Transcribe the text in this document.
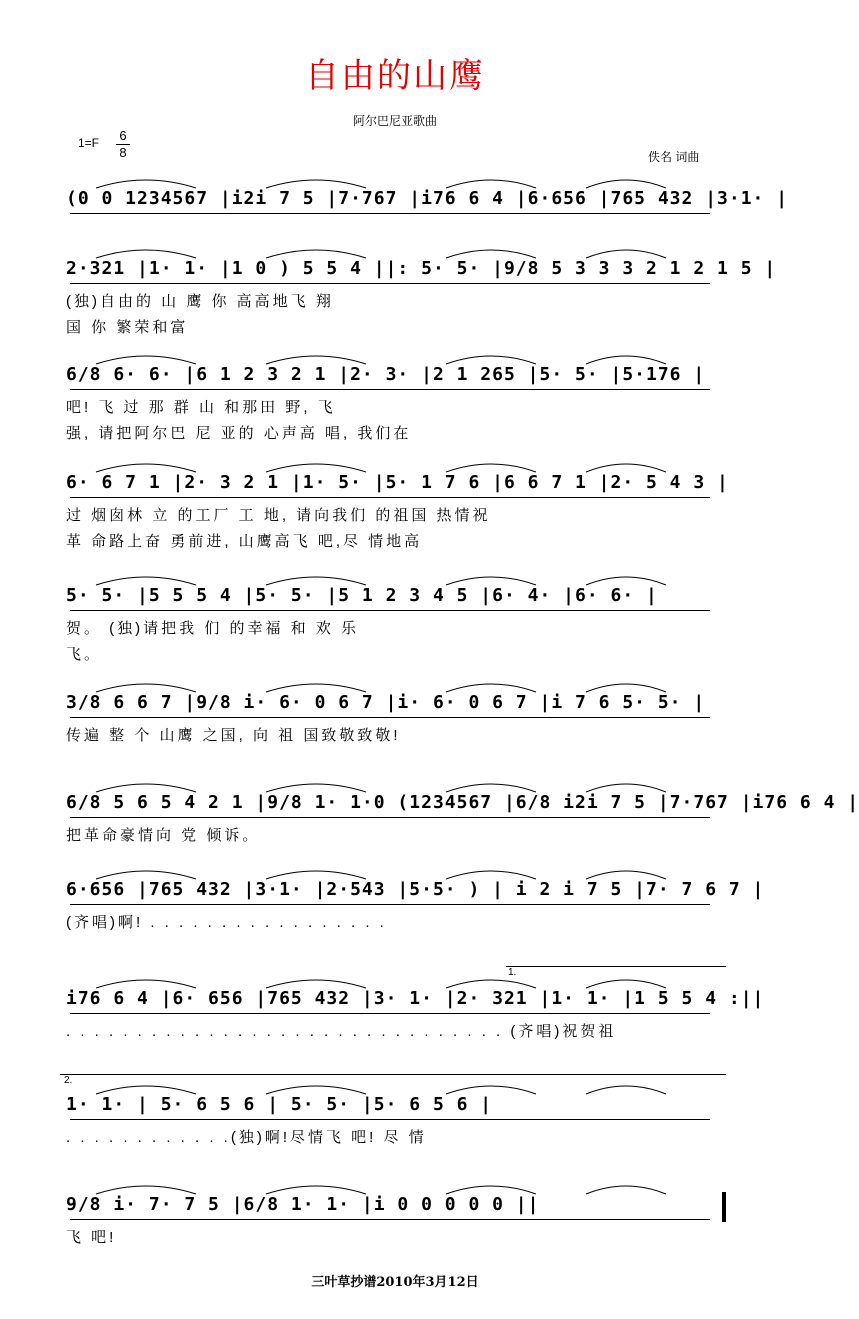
自由的山鹰
阿尔巴尼亚歌曲
$1=F \frac{6}{8}$	佚名 词曲
(0 0 1234567 |i2i 7 5 |7·767 |i76 6 4 |6·656 |765 432 |3·1· |
2·321 |1· 1· |1 0 ) 5 5 4 ||: 5· 5· |9/8 5 3 3 3 2 1 2 1 5 |
(独)自由的 山 鹰 你 高高地飞 翔
国 你 繁荣和富
6/8 6· 6· |6 1 2 3 2 1 |2· 3· |2 1 265 |5· 5· |5·176 |
吧! 飞 过 那 群 山 和那田 野, 飞
强, 请把阿尔巴 尼 亚的 心声高 唱, 我们在
6· 6 7 1 |2· 3 2 1 |1· 5· |5· 1 7 6 |6 6 7 1 |2· 5 4 3 |
过 烟囱林 立 的工厂 工 地, 请向我们 的祖国 热情祝
革 命路上奋 勇前进, 山鹰高飞 吧,尽 情地高
5· 5· |5 5 5 4 |5· 5· |5 1 2 3 4 5 |6· 4· |6· 6· |
贺。 (独)请把我 们 的幸福 和 欢 乐
飞。
3/8 6 6 7 |9/8 i· 6· 0 6 7 |i· 6· 0 6 7 |i 7 6 5· 5· |
传遍 整 个 山鹰 之国, 向 祖 国致敬致敬!
6/8 5 6 5 4 2 1 |9/8 1· 1·0 (1234567 |6/8 i2i 7 5 |7·767 |i76 6 4 |
把革命豪情向 党 倾诉。
6·656 |765 432 |3·1· |2·543 |5·5· ) | i 2 i 7 5 |7· 7 6 7 |
(齐唱)啊! . . . . . . . . . . . . . . . . .
i76 6 4 |6· 656 |765 432 |3· 1· |2· 321 |1· 1· |1 5 5 4 :||
. . . . . . . . . . . . . . . . . . . . . . . . . . . . . . . (齐唱)祝贺祖
1· 1· | 5· 6 5 6 | 5· 5· |5· 6 5 6 |
. . . . . . . . . . . .(独)啊!尽情飞 吧! 尽 情
9/8 i· 7· 7 5 |6/8 1· 1· |i 0 0 0 0 0 ||
飞 吧!
1.
2.
三叶草抄谱2010年3月12日
